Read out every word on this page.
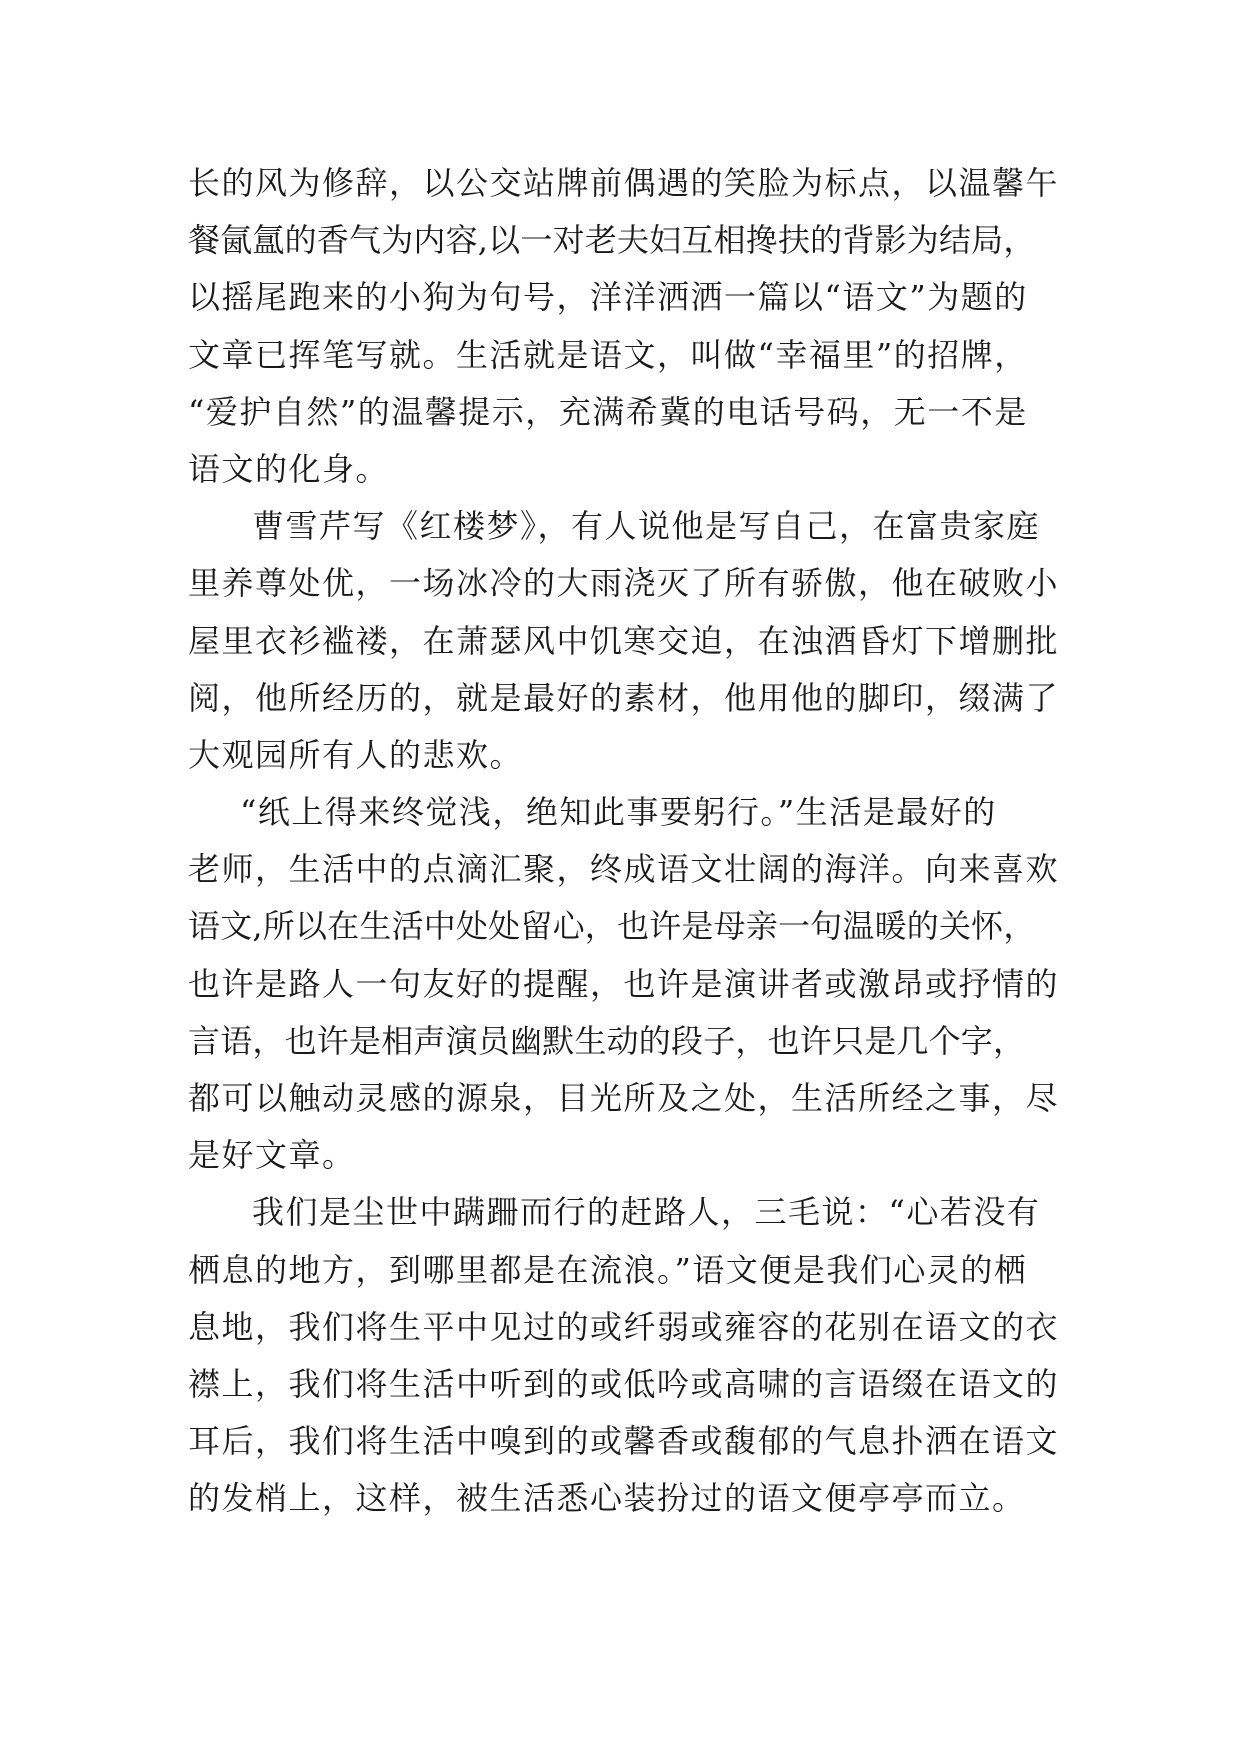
长的风为修辞，以公交站牌前偶遇的笑脸为标点，以温馨午
餐氤氲的香气为内容,以一对老夫妇互相搀扶的背影为结局，
以摇尾跑来的小狗为句号，洋洋洒洒一篇以“语文”为题的
文章已挥笔写就。生活就是语文，叫做“幸福里”的招牌，
“爱护自然”的温馨提示，充满希冀的电话号码，无一不是
语文的化身。
曹雪芹写《红楼梦》，有人说他是写自己，在富贵家庭
里养尊处优，一场冰冷的大雨浇灭了所有骄傲，他在破败小
屋里衣衫褴褛，在萧瑟风中饥寒交迫，在浊酒昏灯下增删批
阅，他所经历的，就是最好的素材，他用他的脚印，缀满了
大观园所有人的悲欢。
“纸上得来终觉浅，绝知此事要躬行。”生活是最好的
老师，生活中的点滴汇聚，终成语文壮阔的海洋。向来喜欢
语文,所以在生活中处处留心，也许是母亲一句温暖的关怀，
也许是路人一句友好的提醒，也许是演讲者或激昂或抒情的
言语，也许是相声演员幽默生动的段子，也许只是几个字，
都可以触动灵感的源泉，目光所及之处，生活所经之事，尽
是好文章。
我们是尘世中蹒跚而行的赶路人，三毛说：“心若没有
栖息的地方，到哪里都是在流浪。”语文便是我们心灵的栖
息地，我们将生平中见过的或纤弱或雍容的花别在语文的衣
襟上，我们将生活中听到的或低吟或高啸的言语缀在语文的
耳后，我们将生活中嗅到的或馨香或馥郁的气息扑洒在语文
的发梢上，这样，被生活悉心装扮过的语文便亭亭而立。
